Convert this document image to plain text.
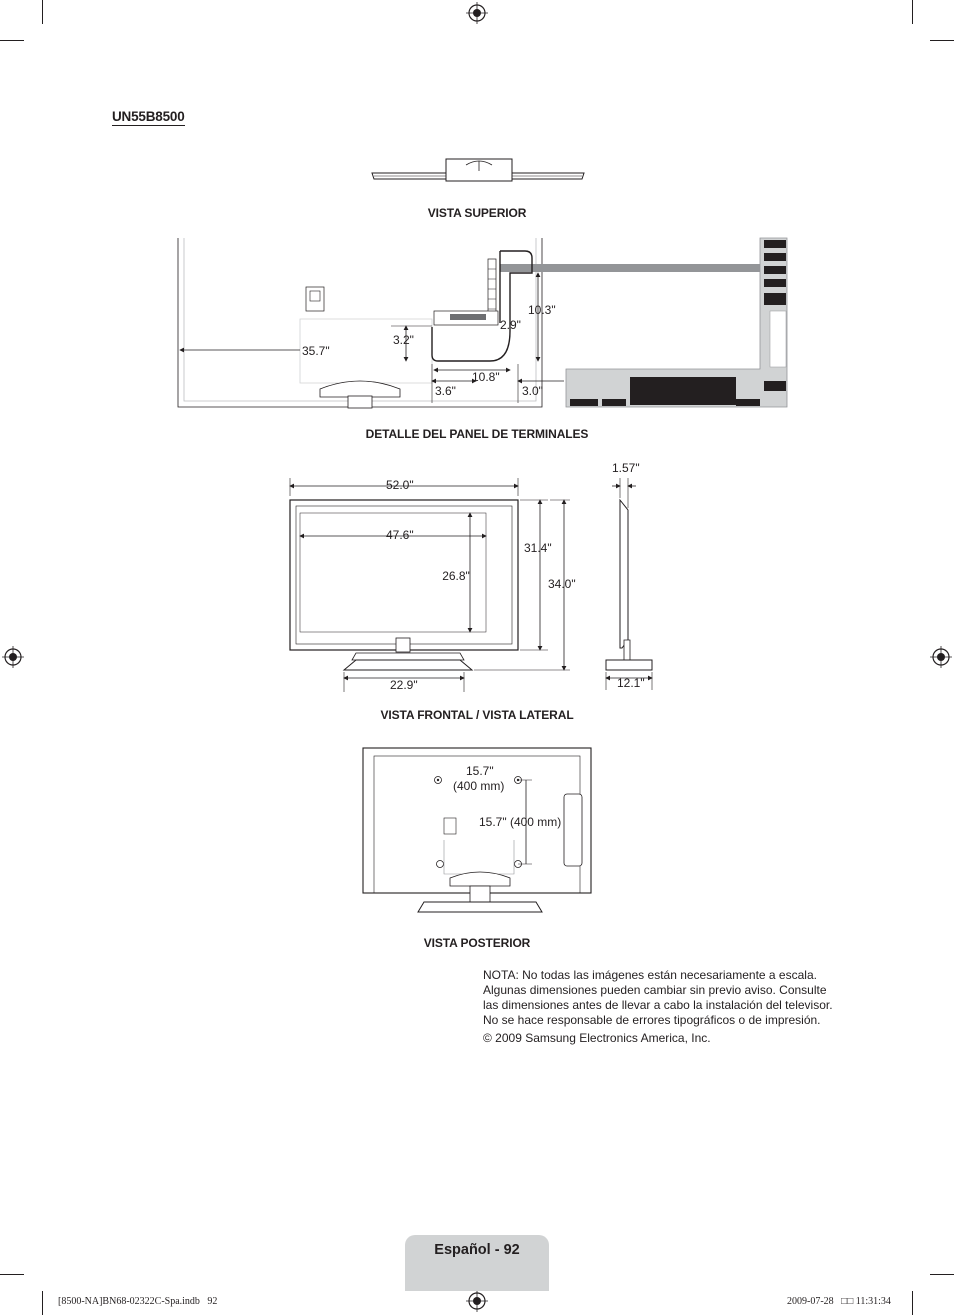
UN55B8500
VISTA SUPERIOR
35.7"
3.2"
10.3"
2.9"
10.8"
3.6"	3.0"
DETALLE DEL PANEL DE TERMINALES
52.0"
47.6"
26.8"
31.4"
34.0"
22.9"
1.57"
12.1"
VISTA FRONTAL / VISTA LATERAL
15.7"
(400 mm)
15.7" (400 mm)
VISTA POSTERIOR

NOTA: No todas las imágenes están necesariamente a escala. Algunas dimensiones pueden cambiar sin previo aviso. Consulte las dimensiones antes de llevar a cabo la instalación del televisor. No se hace responsable de errores tipográficos o de impresión.

© 2009 Samsung Electronics America, Inc.

Español - 92
[8500-NA]BN68-02322C-Spa.indb   92	2009-07-28   □□ 11:31:34
